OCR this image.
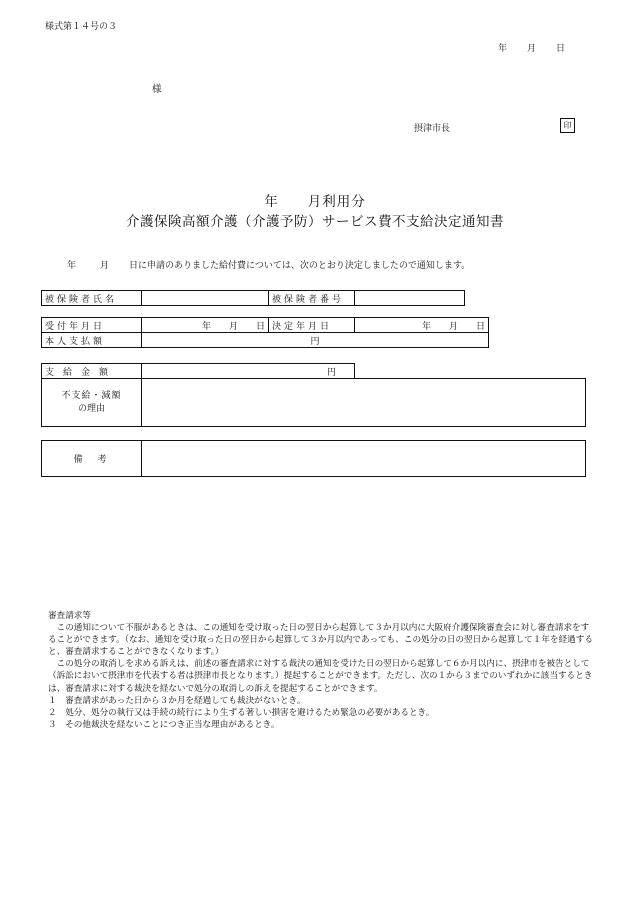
様式第１４号の３
年 月 日
様
摂津市長	印
年　　月利用分
介護保険高額介護（介護予防）サービス費不支給決定通知書
年	月 日に申請のありました給付費については、次のとおり決定しましたので通知します。
被保険者氏名		被保険者番号	
受付年月日	年　　月　　日	決定年月日	年　　月　　日
本人支払額	円		
支給金額	円
不支給・減額
の理由

備　考	

審査請求等

　この通知について不服があるときは、この通知を受け取った日の翌日から起算して３か月以内に大阪府介護保険審査会に対し審査請求をすることができます。（なお、通知を受け取った日の翌日から起算して３か月以内であっても、この処分の日の翌日から起算して１年を経過すると、審査請求することができなくなります。）

　この処分の取消しを求める訴えは、前述の審査請求に対する裁決の通知を受けた日の翌日から起算して６か月以内に、摂津市を被告として（訴訟において摂津市を代表する者は摂津市長となります。）提起することができます。ただし、次の１から３までのいずれかに該当するときは、審査請求に対する裁決を経ないで処分の取消しの訴えを提起することができます。

１　審査請求があった日から３か月を経過しても裁決がないとき。

２　処分、処分の執行又は手続の続行により生ずる著しい損害を避けるため緊急の必要があるとき。

３　その他裁決を経ないことにつき正当な理由があるとき。
